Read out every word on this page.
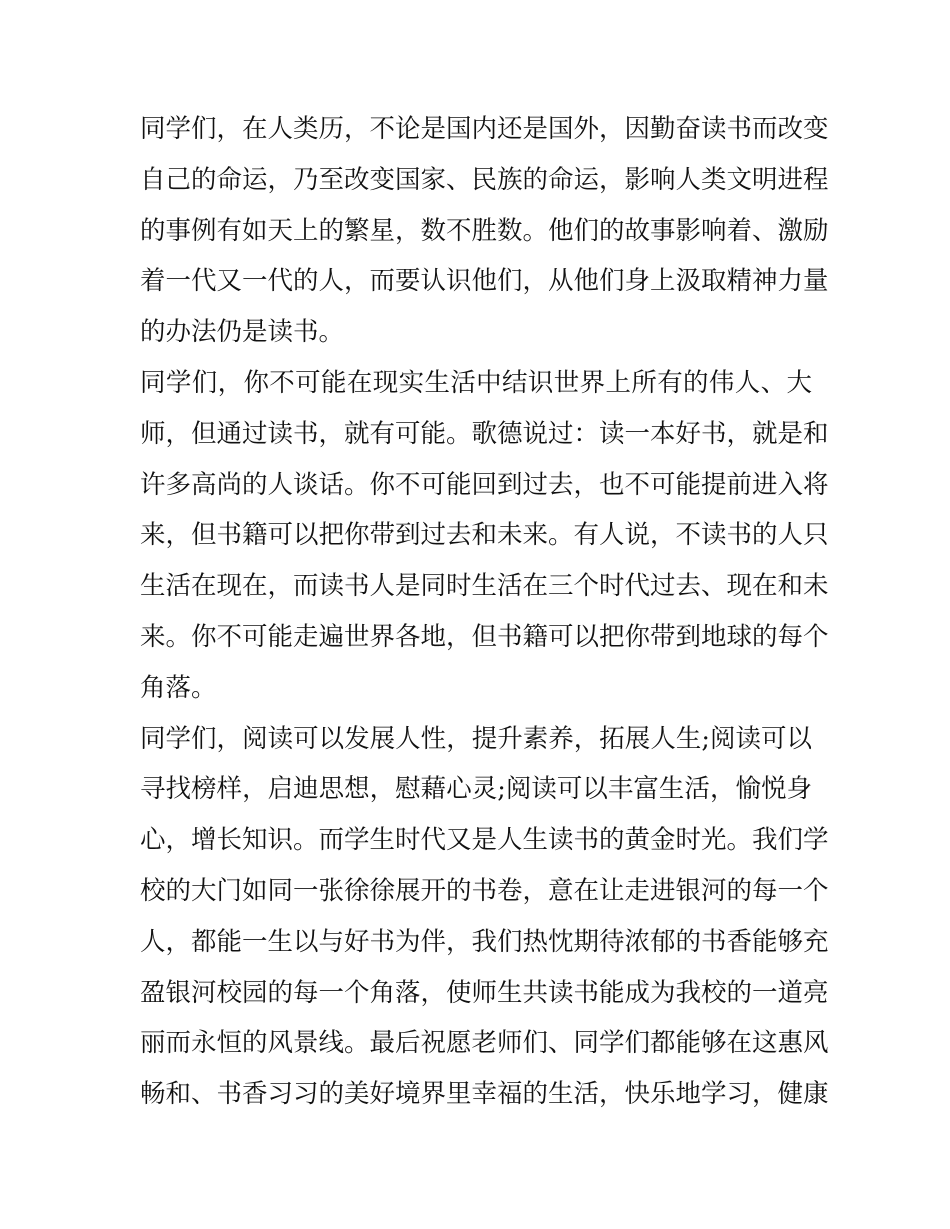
同学们，在人类历，不论是国内还是国外，因勤奋读书而改变
自己的命运，乃至改变国家、民族的命运，影响人类文明进程
的事例有如天上的繁星，数不胜数。他们的故事影响着、激励
着一代又一代的人，而要认识他们，从他们身上汲取精神力量
的办法仍是读书。
同学们，你不可能在现实生活中结识世界上所有的伟人、大
师，但通过读书，就有可能。歌德说过：读一本好书，就是和
许多高尚的人谈话。你不可能回到过去，也不可能提前进入将
来，但书籍可以把你带到过去和未来。有人说，不读书的人只
生活在现在，而读书人是同时生活在三个时代过去、现在和未
来。你不可能走遍世界各地，但书籍可以把你带到地球的每个
角落。
同学们，阅读可以发展人性，提升素养，拓展人生;阅读可以
寻找榜样，启迪思想，慰藉心灵;阅读可以丰富生活，愉悦身
心，增长知识。而学生时代又是人生读书的黄金时光。我们学
校的大门如同一张徐徐展开的书卷，意在让走进银河的每一个
人，都能一生以与好书为伴，我们热忱期待浓郁的书香能够充
盈银河校园的每一个角落，使师生共读书能成为我校的一道亮
丽而永恒的风景线。最后祝愿老师们、同学们都能够在这惠风
畅和、书香习习的美好境界里幸福的生活，快乐地学习，健康
